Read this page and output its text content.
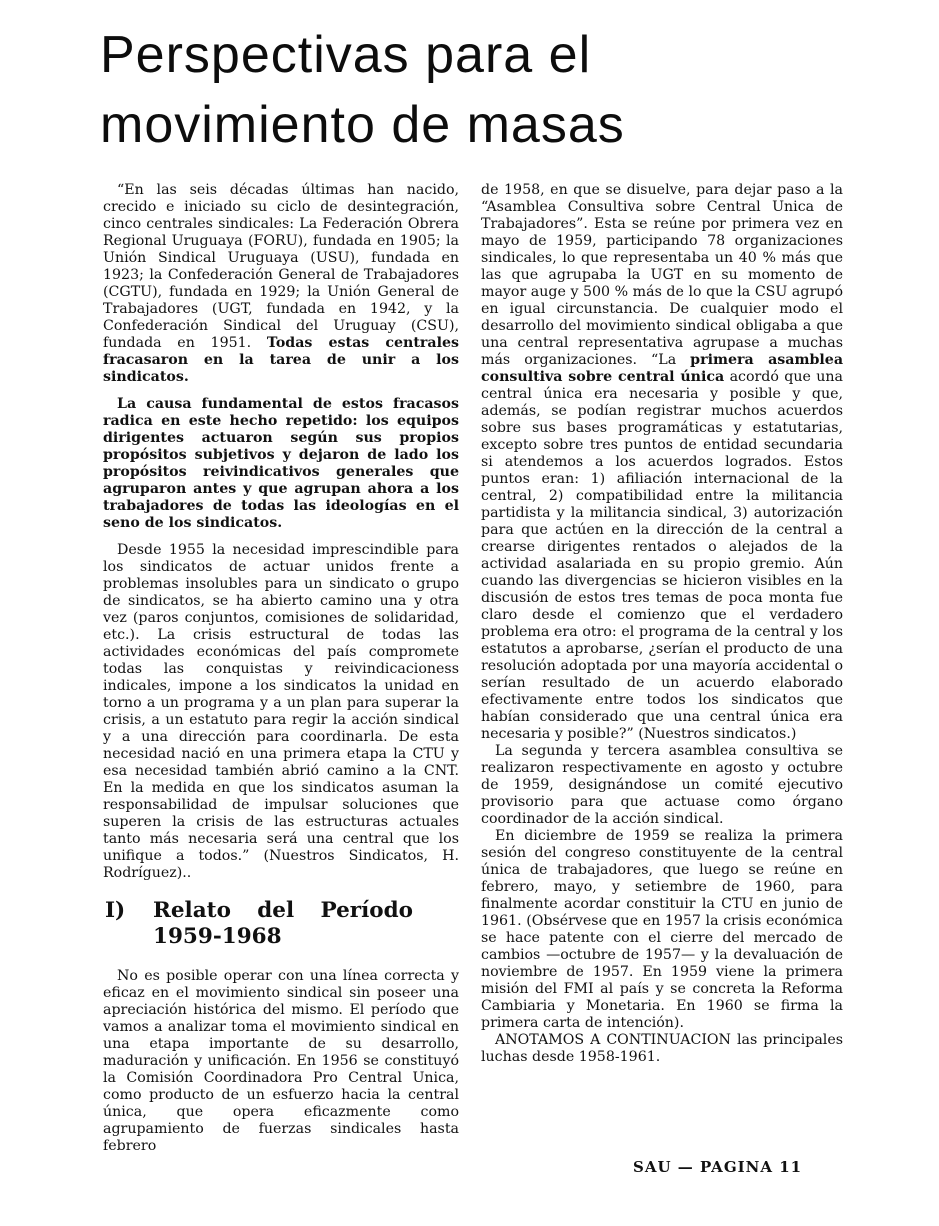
Perspectivas para el movimiento de masas

“En las seis décadas últimas han nacido, crecido e iniciado su ciclo de desintegración, cinco centrales sindicales: La Federación Obrera Regional Uruguaya (FORU), fundada en 1905; la Unión Sindical Uruguaya (USU), fundada en 1923; la Confederación General de Trabajadores (CGTU), fundada en 1929; la Unión General de Trabajadores (UGT, fundada en 1942, y la Confederación Sindical del Uruguay (CSU), fundada en 1951. Todas estas centrales fracasaron en la tarea de unir a los sindicatos.

La causa fundamental de estos fracasos radica en este hecho repetido: los equipos dirigentes actuaron según sus propios propósitos subjetivos y dejaron de lado los propósitos reivindicativos generales que agruparon antes y que agrupan ahora a los trabajadores de todas las ideologías en el seno de los sindicatos.

Desde 1955 la necesidad imprescindible para los sindicatos de actuar unidos frente a problemas insolubles para un sindicato o grupo de sindicatos, se ha abierto camino una y otra vez (paros conjuntos, comisiones de solidaridad, etc.). La crisis estructural de todas las actividades económicas del país compromete todas las conquistas y reivindicacioness indicales, impone a los sindicatos la unidad en torno a un programa y a un plan para superar la crisis, a un estatuto para regir la acción sindical y a una dirección para coordinarla. De esta necesidad nació en una primera etapa la CTU y esa necesidad también abrió camino a la CNT. En la medida en que los sindicatos asuman la responsabilidad de impulsar soluciones que superen la crisis de las estructuras actuales tanto más necesaria será una central que los unifique a todos.” (Nuestros Sindicatos, H. Rodríguez)..

I) Relato del Período 1959-1968

No es posible operar con una línea correcta y eficaz en el movimiento sindical sin poseer una apreciación histórica del mismo. El período que vamos a analizar toma el movimiento sindical en una etapa importante de su desarrollo, maduración y unificación. En 1956 se constituyó la Comisión Coordinadora Pro Central Unica, como producto de un esfuerzo hacia la central única, que opera eficazmente como agrupamiento de fuerzas sindicales hasta febrero

de 1958, en que se disuelve, para dejar paso a la “Asamblea Consultiva sobre Central Unica de Trabajadores”. Esta se reúne por primera vez en mayo de 1959, participando 78 organizaciones sindicales, lo que representaba un 40 % más que las que agrupaba la UGT en su momento de mayor auge y 500 % más de lo que la CSU agrupó en igual circunstancia. De cualquier modo el desarrollo del movimiento sindical obligaba a que una central representativa agrupase a muchas más organizaciones. “La primera asamblea consultiva sobre central única acordó que una central única era necesaria y posible y que, además, se podían registrar muchos acuerdos sobre sus bases programáticas y estatutarias, excepto sobre tres puntos de entidad secundaria si atendemos a los acuerdos logrados. Estos puntos eran: 1) afiliación internacional de la central, 2) compatibilidad entre la militancia partidista y la militancia sindical, 3) autorización para que actúen en la dirección de la central a crearse dirigentes rentados o alejados de la actividad asalariada en su propio gremio. Aún cuando las divergencias se hicieron visibles en la discusión de estos tres temas de poca monta fue claro desde el comienzo que el verdadero problema era otro: el programa de la central y los estatutos a aprobarse, ¿serían el producto de una resolución adoptada por una mayoría accidental o serían resultado de un acuerdo elaborado efectivamente entre todos los sindicatos que habían considerado que una central única era necesaria y posible?” (Nuestros sindicatos.)

La segunda y tercera asamblea consultiva se realizaron respectivamente en agosto y octubre de 1959, designándose un comité ejecutivo provisorio para que actuase como órgano coordinador de la acción sindical.

En diciembre de 1959 se realiza la primera sesión del congreso constituyente de la central única de trabajadores, que luego se reúne en febrero, mayo, y setiembre de 1960, para finalmente acordar constituir la CTU en junio de 1961. (Obsérvese que en 1957 la crisis económica se hace patente con el cierre del mercado de cambios —octubre de 1957— y la devaluación de noviembre de 1957. En 1959 viene la primera misión del FMI al país y se concreta la Reforma Cambiaria y Monetaria. En 1960 se firma la primera carta de intención).

ANOTAMOS A CONTINUACION las principales luchas desde 1958-1961.

SAU — PAGINA 11
